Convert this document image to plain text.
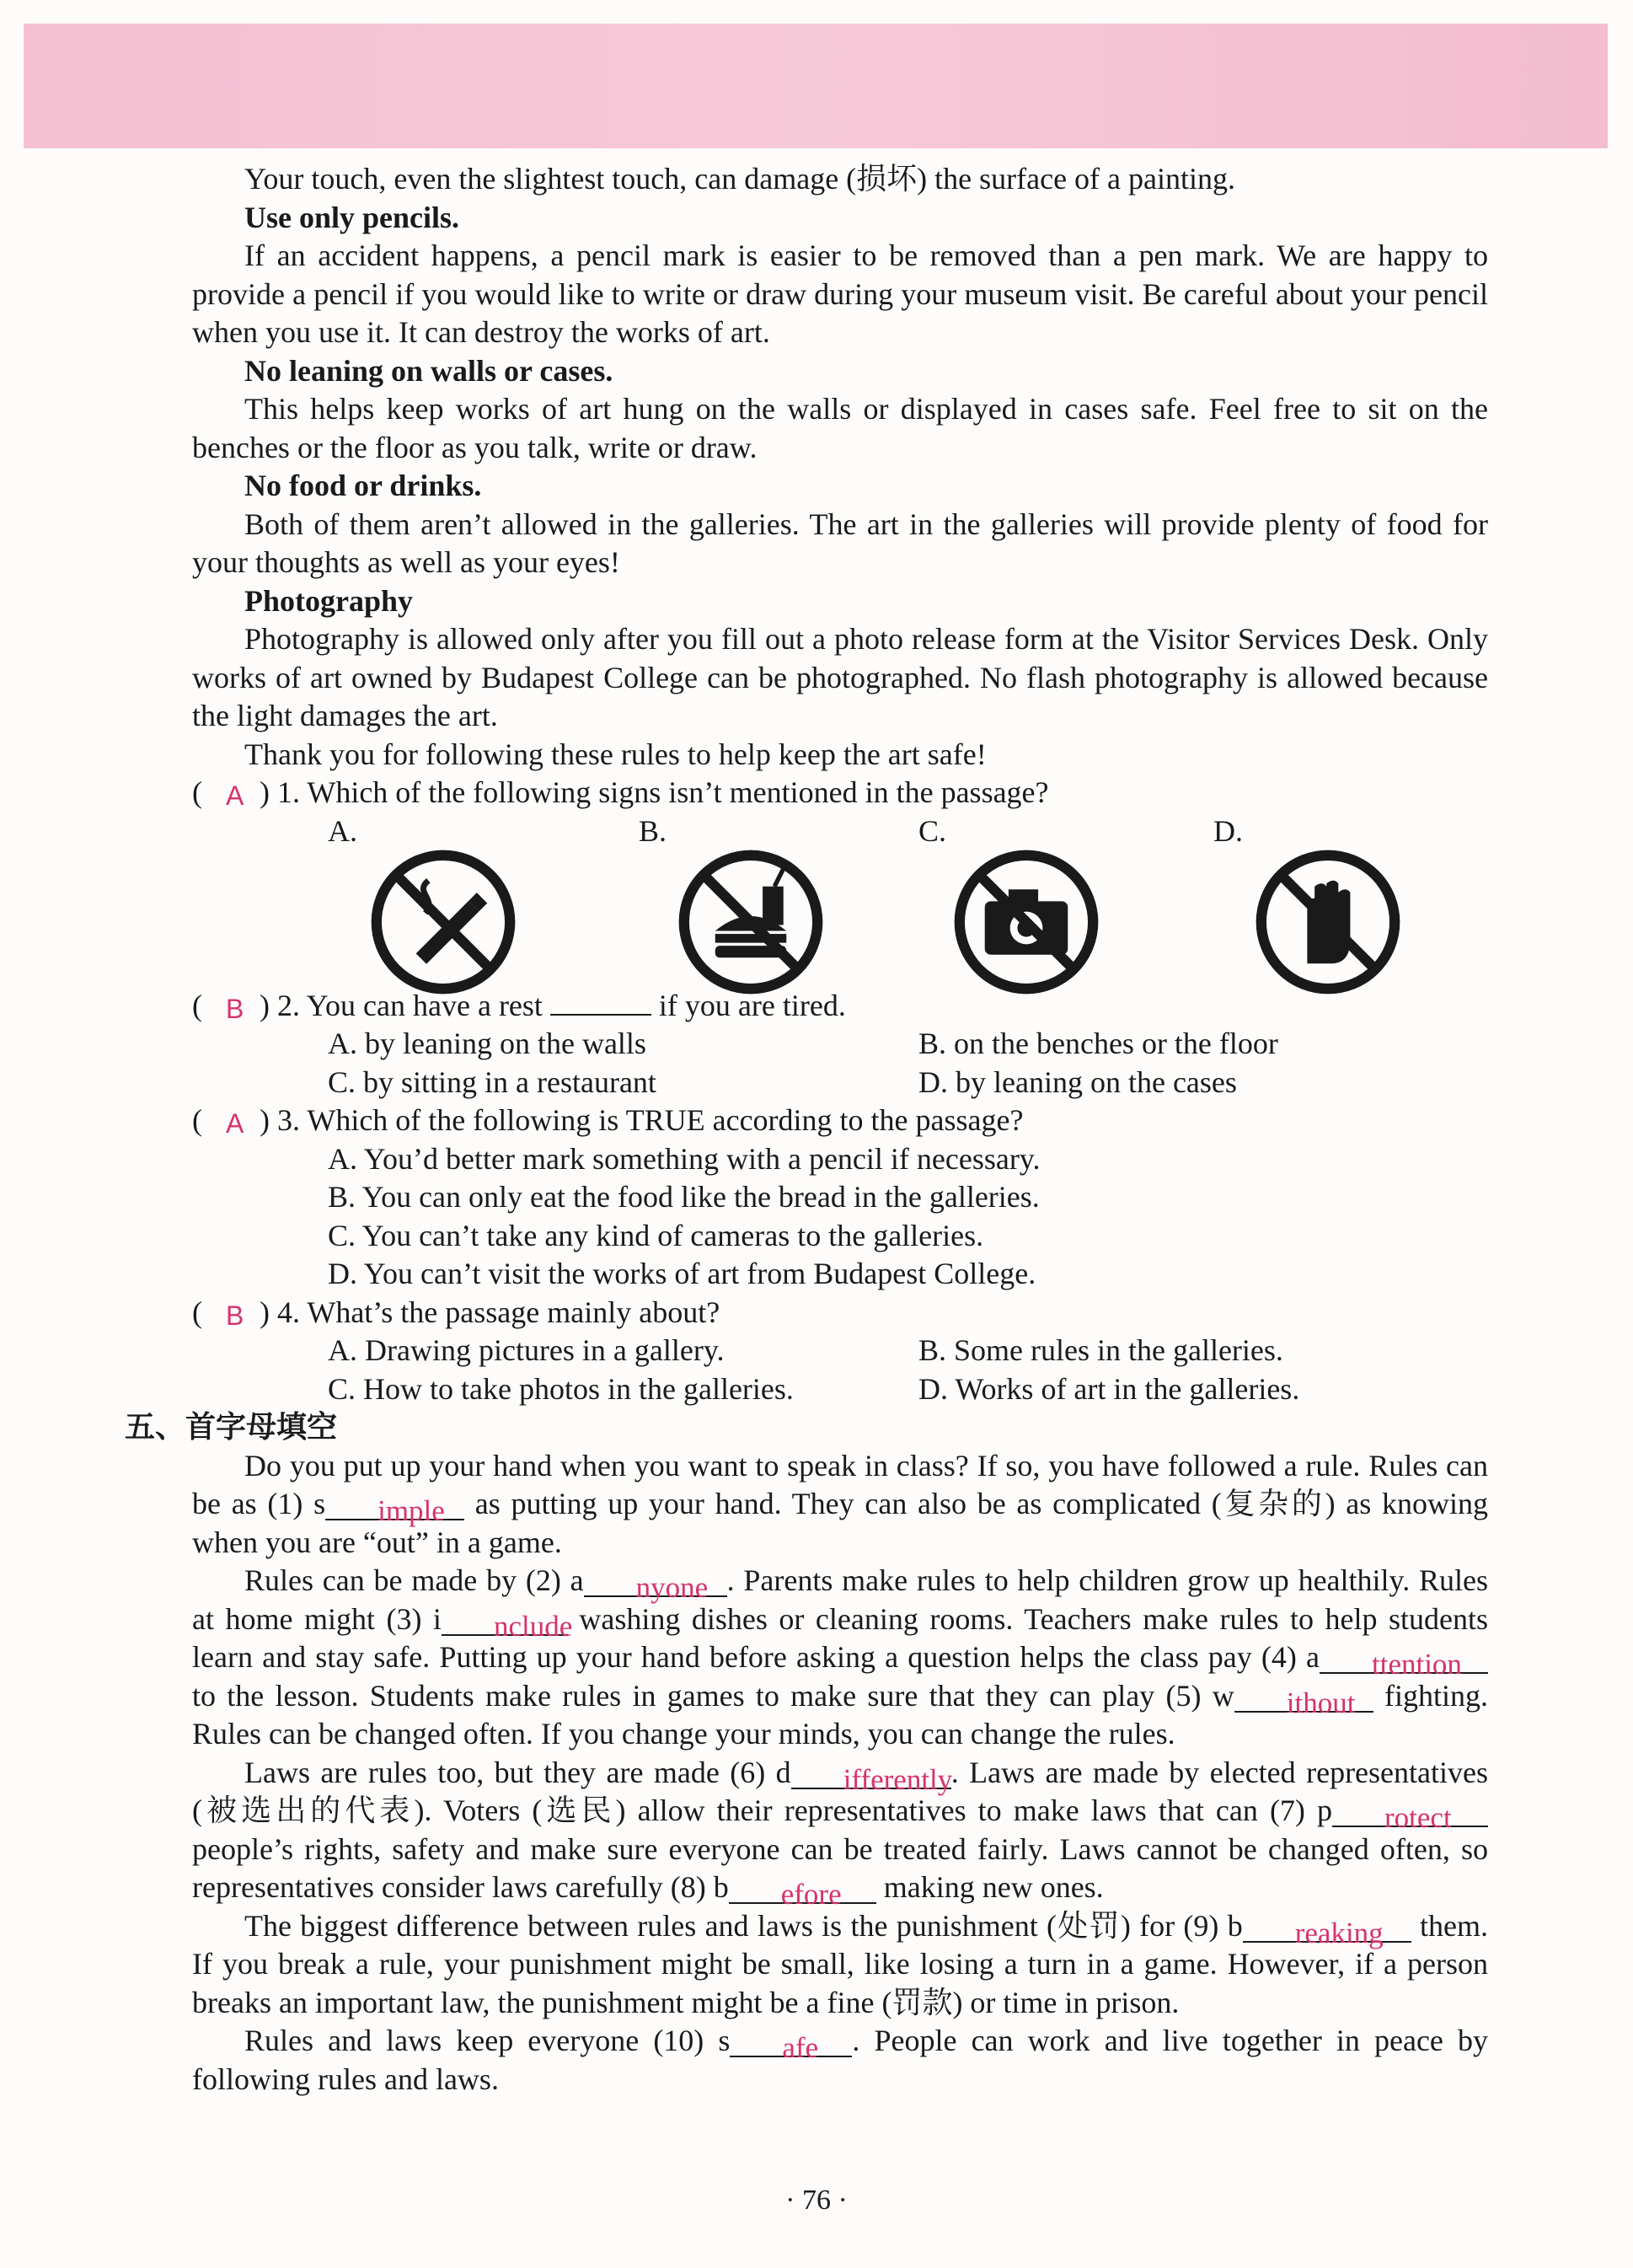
Your touch, even the slightest touch, can damage (损坏) the surface of a painting.

Use only pencils.

If an accident happens, a pencil mark is easier to be removed than a pen mark. We are happy to provide a pencil if you would like to write or draw during your museum visit. Be careful about your pencil when you use it. It can destroy the works of art.

No leaning on walls or cases.

This helps keep works of art hung on the walls or displayed in cases safe. Feel free to sit on the benches or the floor as you talk, write or draw.

No food or drinks.

Both of them aren’t allowed in the galleries. The art in the galleries will provide plenty of food for your thoughts as well as your eyes!

Photography

Photography is allowed only after you fill out a photo release form at the Visitor Services Desk. Only works of art owned by Budapest College can be photographed. No flash photography is allowed because the light damages the art.

Thank you for following these rules to help keep the art safe!

( A ) 1. Which of the following signs isn’t mentioned in the passage?

A.	B.	C.	D.

( B ) 2. You can have a rest	if you are tired.

A. by leaning on the walls	B. on the benches or the floor
C. by sitting in a restaurant	D. by leaning on the cases

( A ) 3. Which of the following is TRUE according to the passage?

A. You’d better mark something with a pencil if necessary.
B. You can only eat the food like the bread in the galleries.
C. You can’t take any kind of cameras to the galleries.
D. You can’t visit the works of art from Budapest College.

( B ) 4. What’s the passage mainly about?

A. Drawing pictures in a gallery.	B. Some rules in the galleries.
C. How to take photos in the galleries.	D. Works of art in the galleries.

五、首字母填空

Do you put up your hand when you want to speak in class? If so, you have followed a rule. Rules can be as (1) s imple as putting up your hand. They can also be as complicated (复杂的) as knowing when you are “out” in a game.

Rules can be made by (2) a nyone . Parents make rules to help children grow up healthily. Rules at home might (3) i nclude washing dishes or cleaning rooms. Teachers make rules to help students learn and stay safe. Putting up your hand before asking a question helps the class pay (4) a ttention to the lesson. Students make rules in games to make sure that they can play (5) w ithout fighting. Rules can be changed often. If you change your minds, you can change the rules.

Laws are rules too, but they are made (6) d ifferently. Laws are made by elected representatives (被选出的代表). Voters (选民) allow their representatives to make laws that can (7) p rotect people’s rights, safety and make sure everyone can be treated fairly. Laws cannot be changed often, so representatives consider laws carefully (8) b efore making new ones.

The biggest difference between rules and laws is the punishment (处罚) for (9) b reaking them. If you break a rule, your punishment might be small, like losing a turn in a game. However, if a person breaks an important law, the punishment might be a fine (罚款) or time in prison.

Rules and laws keep everyone (10) s afe . People can work and live together in peace by following rules and laws.

· 76 ·
